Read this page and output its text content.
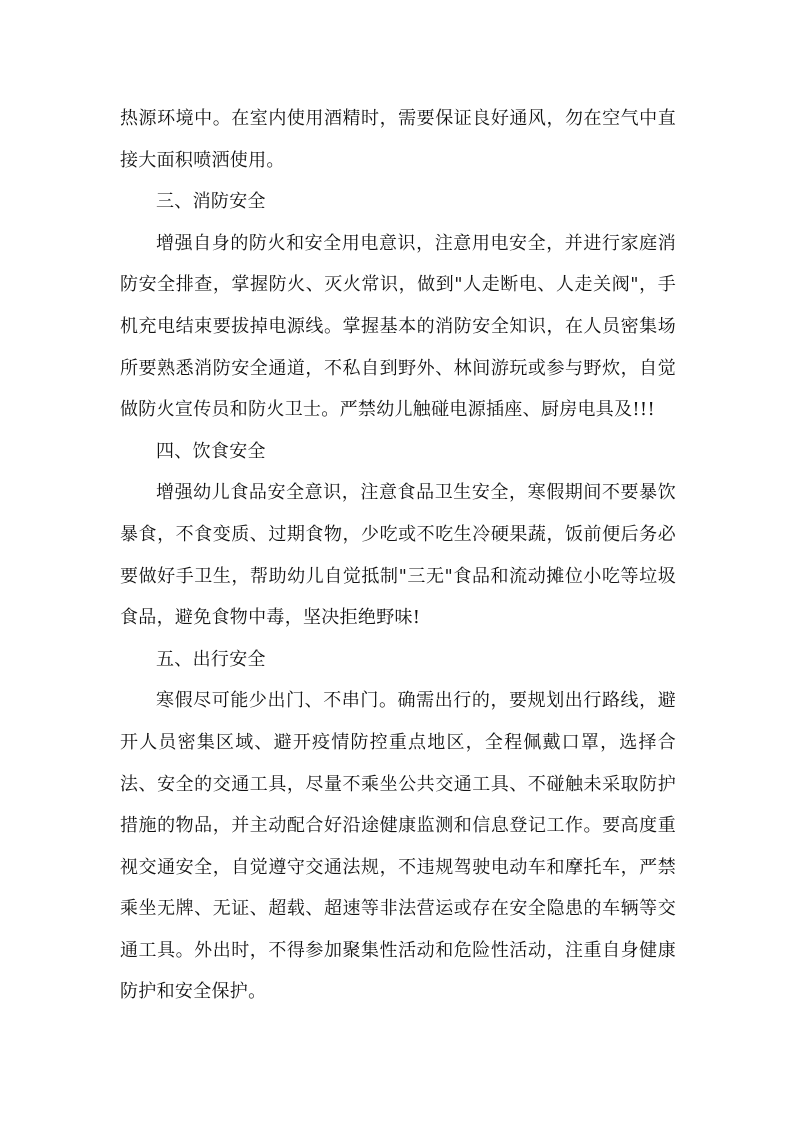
热源环境中。在室内使用酒精时，需要保证良好通风，勿在空气中直接大面积喷洒使用。

三、消防安全

增强自身的防火和安全用电意识，注意用电安全，并进行家庭消防安全排查，掌握防火、灭火常识，做到"人走断电、人走关阀"，手机充电结束要拔掉电源线。掌握基本的消防安全知识，在人员密集场所要熟悉消防安全通道，不私自到野外、林间游玩或参与野炊，自觉做防火宣传员和防火卫士。严禁幼儿触碰电源插座、厨房电具及!!!

四、饮食安全

增强幼儿食品安全意识，注意食品卫生安全，寒假期间不要暴饮暴食，不食变质、过期食物，少吃或不吃生冷硬果蔬，饭前便后务必要做好手卫生，帮助幼儿自觉抵制"三无"食品和流动摊位小吃等垃圾食品，避免食物中毒，坚决拒绝野味!

五、出行安全

寒假尽可能少出门、不串门。确需出行的，要规划出行路线，避开人员密集区域、避开疫情防控重点地区，全程佩戴口罩，选择合法、安全的交通工具，尽量不乘坐公共交通工具、不碰触未采取防护措施的物品，并主动配合好沿途健康监测和信息登记工作。要高度重视交通安全，自觉遵守交通法规，不违规驾驶电动车和摩托车，严禁乘坐无牌、无证、超载、超速等非法营运或存在安全隐患的车辆等交通工具。外出时，不得参加聚集性活动和危险性活动，注重自身健康防护和安全保护。
